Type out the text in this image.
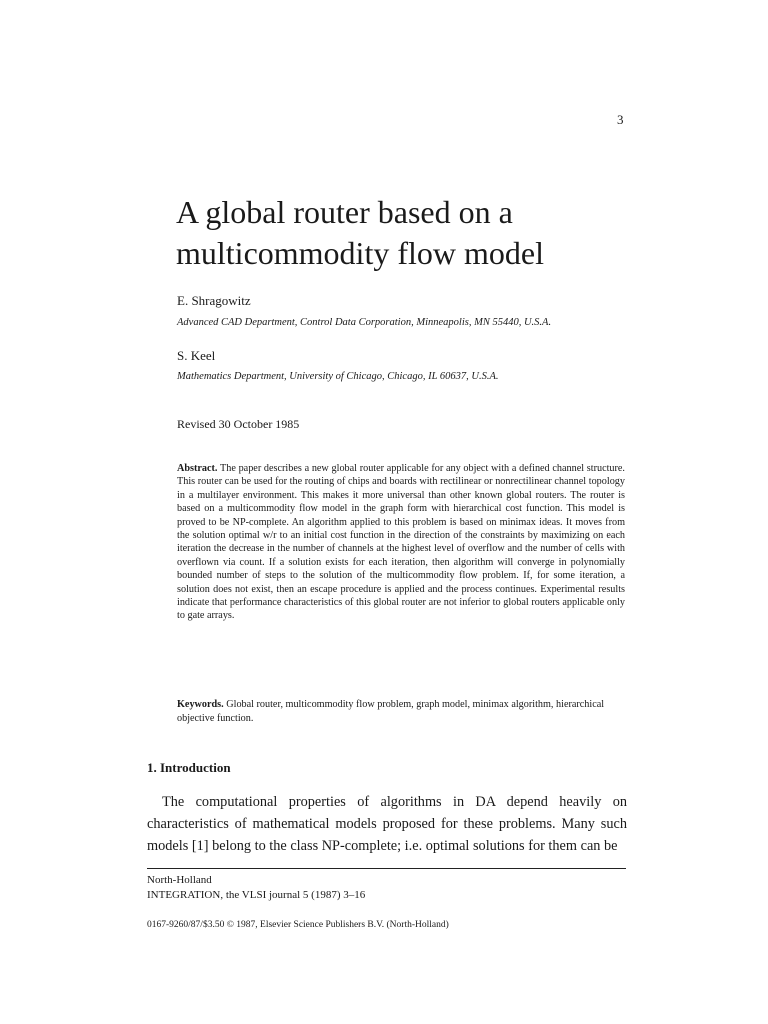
3
A global router based on a multicommodity flow model
E. Shragowitz
Advanced CAD Department, Control Data Corporation, Minneapolis, MN 55440, U.S.A.
S. Keel
Mathematics Department, University of Chicago, Chicago, IL 60637, U.S.A.
Revised 30 October 1985

Abstract. The paper describes a new global router applicable for any object with a defined channel structure. This router can be used for the routing of chips and boards with rectilinear or nonrectilinear channel topology in a multilayer environment. This makes it more universal than other known global routers. The router is based on a multicommodity flow model in the graph form with hierarchical cost function. This model is proved to be NP-complete. An algorithm applied to this problem is based on minimax ideas. It moves from the solution optimal w/r to an initial cost function in the direction of the constraints by maximizing on each iteration the decrease in the number of channels at the highest level of overflow and the number of cells with overflown via count. If a solution exists for each iteration, then algorithm will converge in polynomially bounded number of steps to the solution of the multicommodity flow problem. If, for some iteration, a solution does not exist, then an escape procedure is applied and the process continues. Experimental results indicate that performance characteristics of this global router are not inferior to global routers applicable only to gate arrays.

Keywords. Global router, multicommodity flow problem, graph model, minimax algorithm, hierarchical objective function.

1. Introduction

The computational properties of algorithms in DA depend heavily on characteristics of mathematical models proposed for these problems. Many such models [1] belong to the class NP-complete; i.e. optimal solutions for them can be

North-Holland
INTEGRATION, the VLSI journal 5 (1987) 3–16
0167-9260/87/$3.50 © 1987, Elsevier Science Publishers B.V. (North-Holland)
